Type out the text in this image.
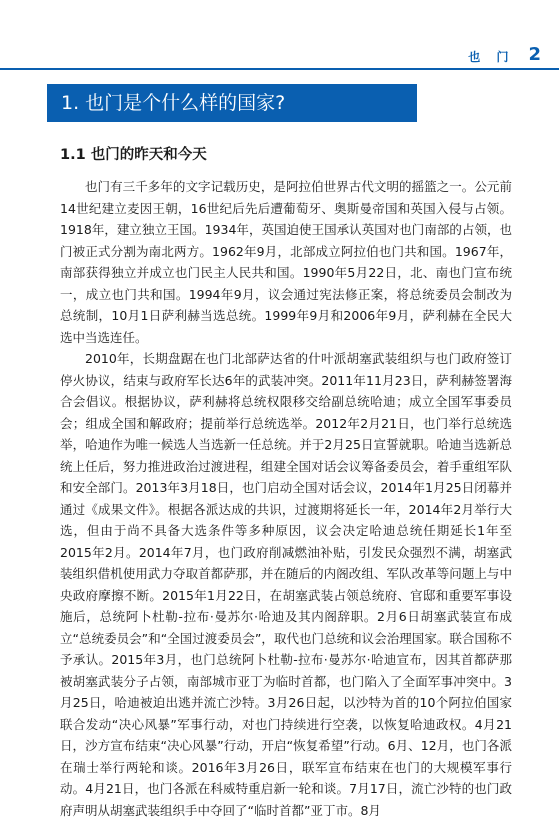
也 门 2
1. 也门是个什么样的国家?
1.1 也门的昨天和今天

也门有三千多年的文字记载历史，是阿拉伯世界古代文明的摇篮之一。公元前14世纪建立麦因王朝，16世纪后先后遭葡萄牙、奥斯曼帝国和英国入侵与占领。1918年，建立独立王国。1934年，英国迫使王国承认英国对也门南部的占领，也门被正式分割为南北两方。1962年9月，北部成立阿拉伯也门共和国。1967年，南部获得独立并成立也门民主人民共和国。1990年5月22日，北、南也门宣布统一，成立也门共和国。1994年9月，议会通过宪法修正案，将总统委员会制改为总统制，10月1日萨利赫当选总统。1999年9月和2006年9月，萨利赫在全民大选中当选连任。

2010年，长期盘踞在也门北部萨达省的什叶派胡塞武装组织与也门政府签订停火协议，结束与政府军长达6年的武装冲突。2011年11月23日，萨利赫签署海合会倡议。根据协议，萨利赫将总统权限移交给副总统哈迪；成立全国军事委员会；组成全国和解政府；提前举行总统选举。2012年2月21日，也门举行总统选举，哈迪作为唯一候选人当选新一任总统。并于2月25日宣誓就职。哈迪当选新总统上任后，努力推进政治过渡进程，组建全国对话会议筹备委员会，着手重组军队和安全部门。2013年3月18日，也门启动全国对话会议，2014年1月25日闭幕并通过《成果文件》。根据各派达成的共识，过渡期将延长一年，2014年2月举行大选，但由于尚不具备大选条件等多种原因，议会决定哈迪总统任期延长1年至2015年2月。2014年7月，也门政府削减燃油补贴，引发民众强烈不满，胡塞武装组织借机使用武力夺取首都萨那，并在随后的内阁改组、军队改革等问题上与中央政府摩擦不断。2015年1月22日，在胡塞武装占领总统府、官邸和重要军事设施后，总统阿卜杜勒-拉布·曼苏尔·哈迪及其内阁辞职。2月6日胡塞武装宣布成立“总统委员会”和“全国过渡委员会”，取代也门总统和议会治理国家。联合国称不予承认。2015年3月，也门总统阿卜杜勒-拉布·曼苏尔·哈迪宣布，因其首都萨那被胡塞武装分子占领，南部城市亚丁为临时首都，也门陷入了全面军事冲突中。3月25日，哈迪被迫出逃并流亡沙特。3月26日起，以沙特为首的10个阿拉伯国家联合发动“决心风暴”军事行动，对也门持续进行空袭，以恢复哈迪政权。4月21日，沙方宣布结束“决心风暴”行动，开启“恢复希望”行动。6月、12月，也门各派在瑞士举行两轮和谈。2016年3月26日，联军宣布结束在也门的大规模军事行动。4月21日，也门各派在科威特重启新一轮和谈。7月17日，流亡沙特的也门政府声明从胡塞武装组织手中夺回了“临时首都”亚丁市。8月
